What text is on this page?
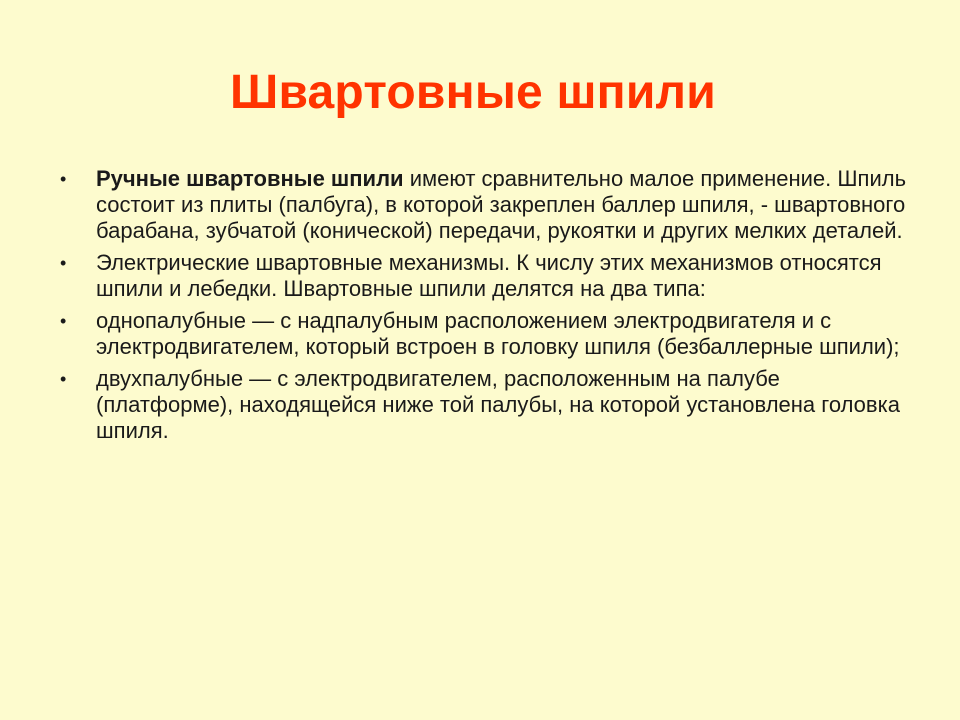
Швартовные шпили
• Ручные швартовные шпили имеют сравнительно малое применение. Шпиль состоит из плиты (палбуга), в которой закреплен баллер шпиля, - швартовного барабана, зубчатой (конической) передачи, рукоятки и других мелких деталей.
• Электрические швартовные механизмы. К числу этих механизмов относятся шпили и лебедки. Швартовные шпили делятся на два типа:
• однопалубные — с надпалубным расположением электродвигателя и с электродвигателем, который встроен в головку шпиля (безбаллерные шпили);
• двухпалубные — с электродвигателем, расположенным на палубе (платформе), находящейся ниже той палубы, на которой установлена головка шпиля.
